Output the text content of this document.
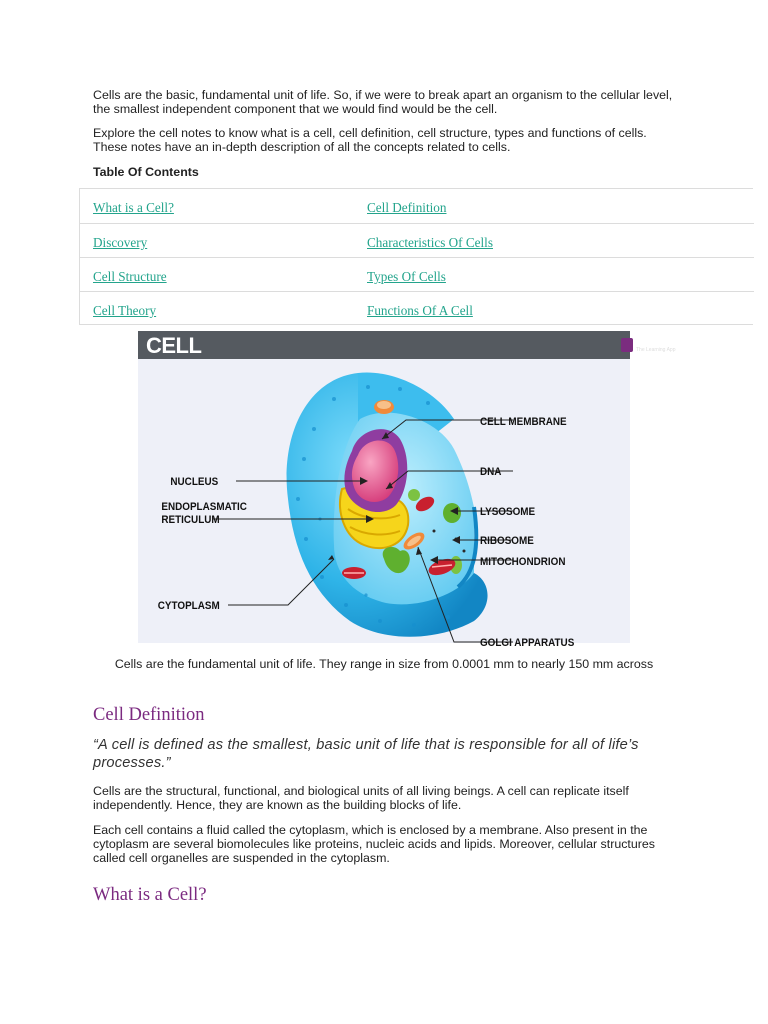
Cells are the basic, fundamental unit of life. So, if we were to break apart an organism to the cellular level, the smallest independent component that we would find would be the cell.

Explore the cell notes to know what is a cell, cell definition, cell structure, types and functions of cells. These notes have an in-depth description of all the concepts related to cells.

Table Of Contents

What is a Cell?	Cell Definition
Discovery	Characteristics Of Cells
Cell Structure	Types Of Cells
Cell Theory	Functions Of A Cell
CELL	BYJU'S
The Learning App
CELL MEMBRANE
DNA
NUCLEUS
ENDOPLASMATIC
RETICULUM
LYSOSOME
RIBOSOME
MITOCHONDRION
CYTOPLASM
GOLGI APPARATUS

Cells are the fundamental unit of life. They range in size from 0.0001 mm to nearly 150 mm across

Cell Definition

“A cell is defined as the smallest, basic unit of life that is responsible for all of life’s processes.”

Cells are the structural, functional, and biological units of all living beings. A cell can replicate itself independently. Hence, they are known as the building blocks of life.

Each cell contains a fluid called the cytoplasm, which is enclosed by a membrane. Also present in the cytoplasm are several biomolecules like proteins, nucleic acids and lipids. Moreover, cellular structures called cell organelles are suspended in the cytoplasm.

What is a Cell?
